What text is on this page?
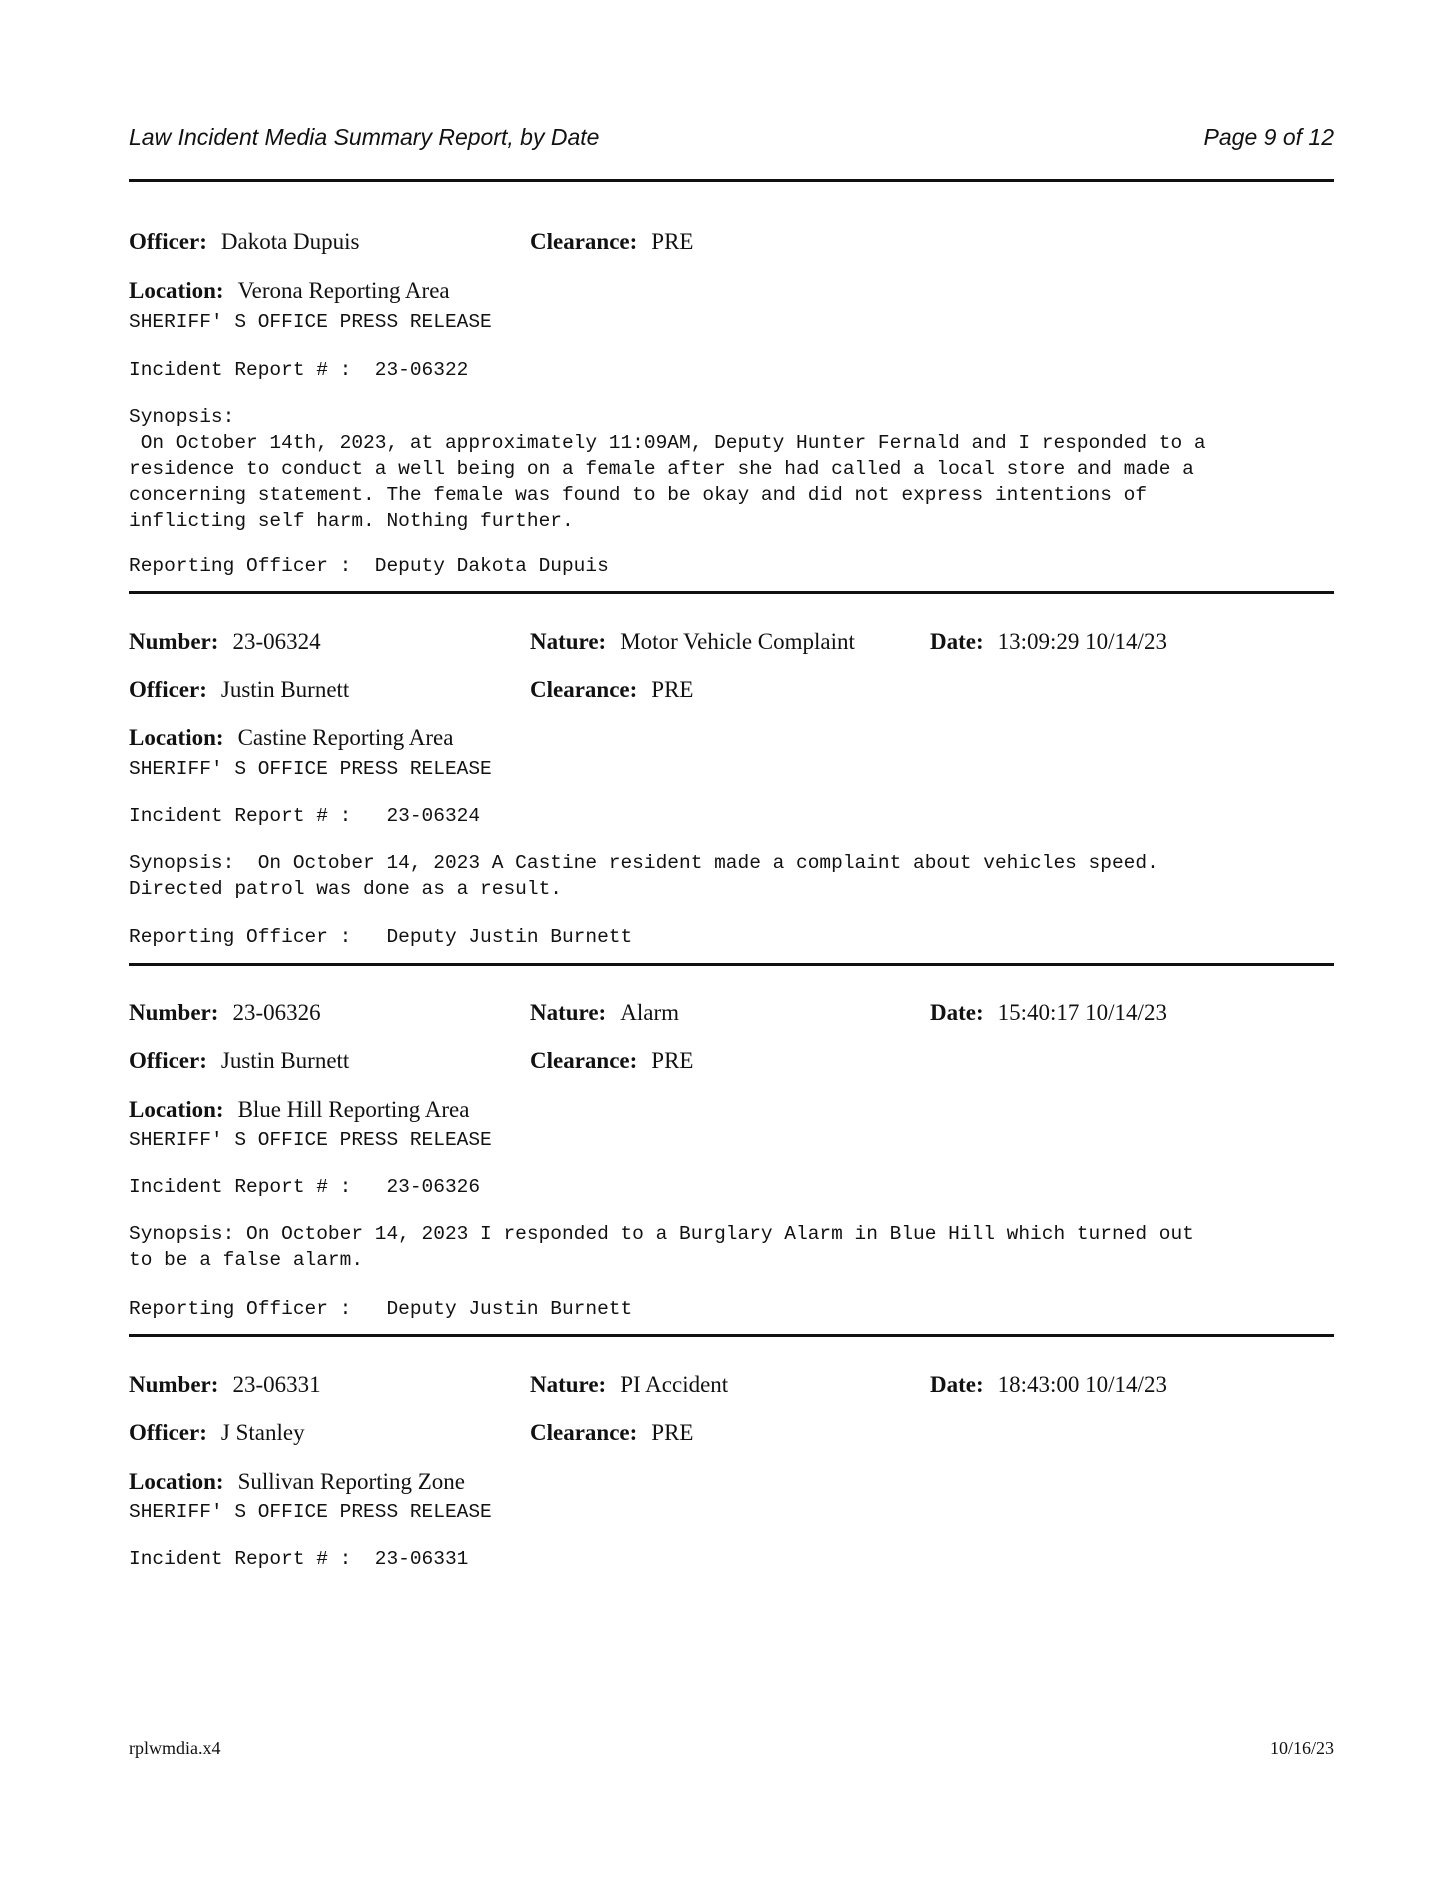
Law Incident Media Summary Report, by Date	Page 9 of 12
Officer: Dakota Dupuis	Clearance: PRE
Location: Verona Reporting Area
SHERIFF' S OFFICE PRESS RELEASE
Incident Report # :  23-06322
Synopsis:
On October 14th, 2023, at approximately 11:09AM, Deputy Hunter Fernald and I responded to a
residence to conduct a well being on a female after she had called a local store and made a
concerning statement. The female was found to be okay and did not express intentions of
inflicting self harm. Nothing further.
Reporting Officer :  Deputy Dakota Dupuis
Number: 23-06324	Nature: Motor Vehicle Complaint	Date: 13:09:29 10/14/23
Officer: Justin Burnett	Clearance: PRE
Location: Castine Reporting Area
SHERIFF' S OFFICE PRESS RELEASE
Incident Report # :   23-06324
Synopsis:  On October 14, 2023 A Castine resident made a complaint about vehicles speed.
Directed patrol was done as a result.
Reporting Officer :   Deputy Justin Burnett
Number: 23-06326	Nature: Alarm	Date: 15:40:17 10/14/23
Officer: Justin Burnett	Clearance: PRE
Location: Blue Hill Reporting Area
SHERIFF' S OFFICE PRESS RELEASE
Incident Report # :   23-06326
Synopsis: On October 14, 2023 I responded to a Burglary Alarm in Blue Hill which turned out
to be a false alarm.
Reporting Officer :   Deputy Justin Burnett
Number: 23-06331	Nature: PI Accident	Date: 18:43:00 10/14/23
Officer: J Stanley	Clearance: PRE
Location: Sullivan Reporting Zone
SHERIFF' S OFFICE PRESS RELEASE
Incident Report # :  23-06331
rplwmdia.x4	10/16/23
